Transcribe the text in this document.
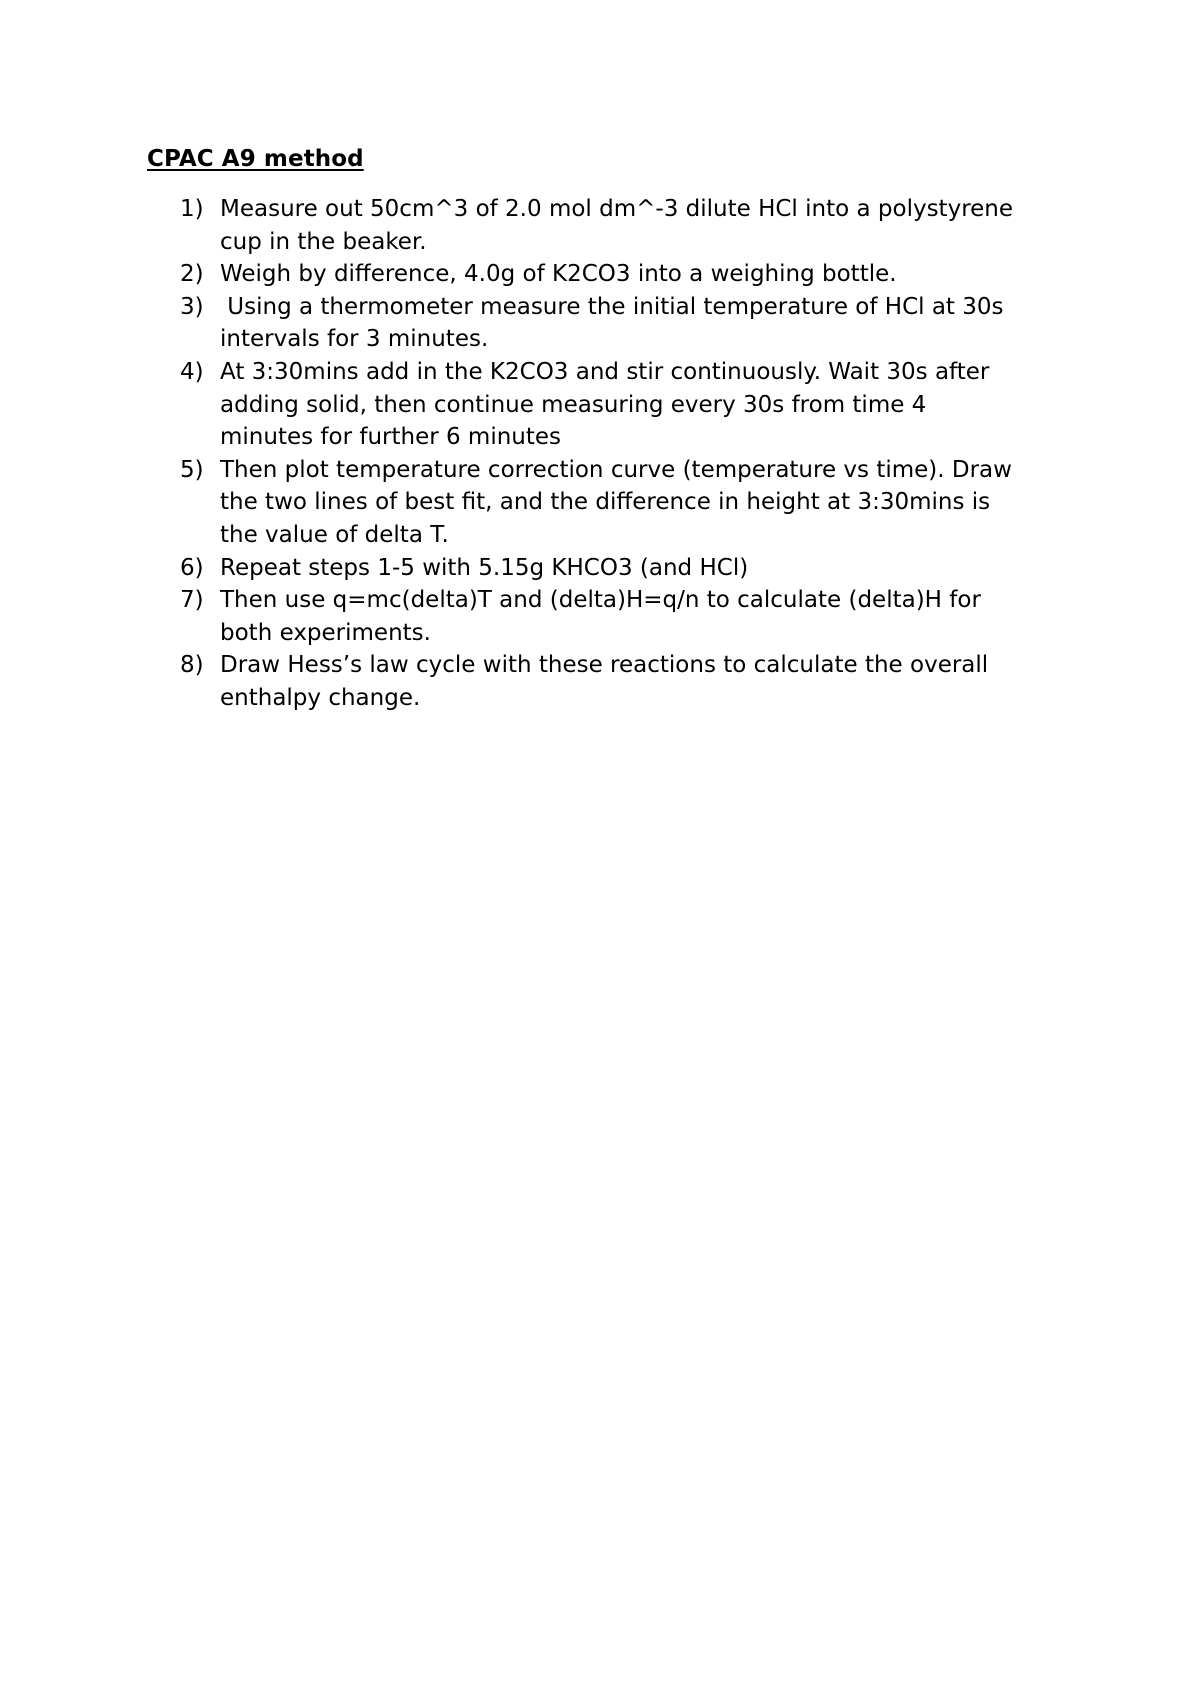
CPAC A9 method
1) Measure out 50cm^3 of 2.0 mol dm^-3 dilute HCl into a polystyrene
cup in the beaker.
2) Weigh by difference, 4.0g of K2CO3 into a weighing bottle.
3) Using a thermometer measure the initial temperature of HCl at 30s
intervals for 3 minutes.
4) At 3:30mins add in the K2CO3 and stir continuously. Wait 30s after
adding solid, then continue measuring every 30s from time 4
minutes for further 6 minutes
5) Then plot temperature correction curve (temperature vs time). Draw
the two lines of best fit, and the difference in height at 3:30mins is
the value of delta T.
6) Repeat steps 1-5 with 5.15g KHCO3 (and HCl)
7) Then use q=mc(delta)T and (delta)H=q/n to calculate (delta)H for
both experiments.
8) Draw Hess’s law cycle with these reactions to calculate the overall
enthalpy change.
